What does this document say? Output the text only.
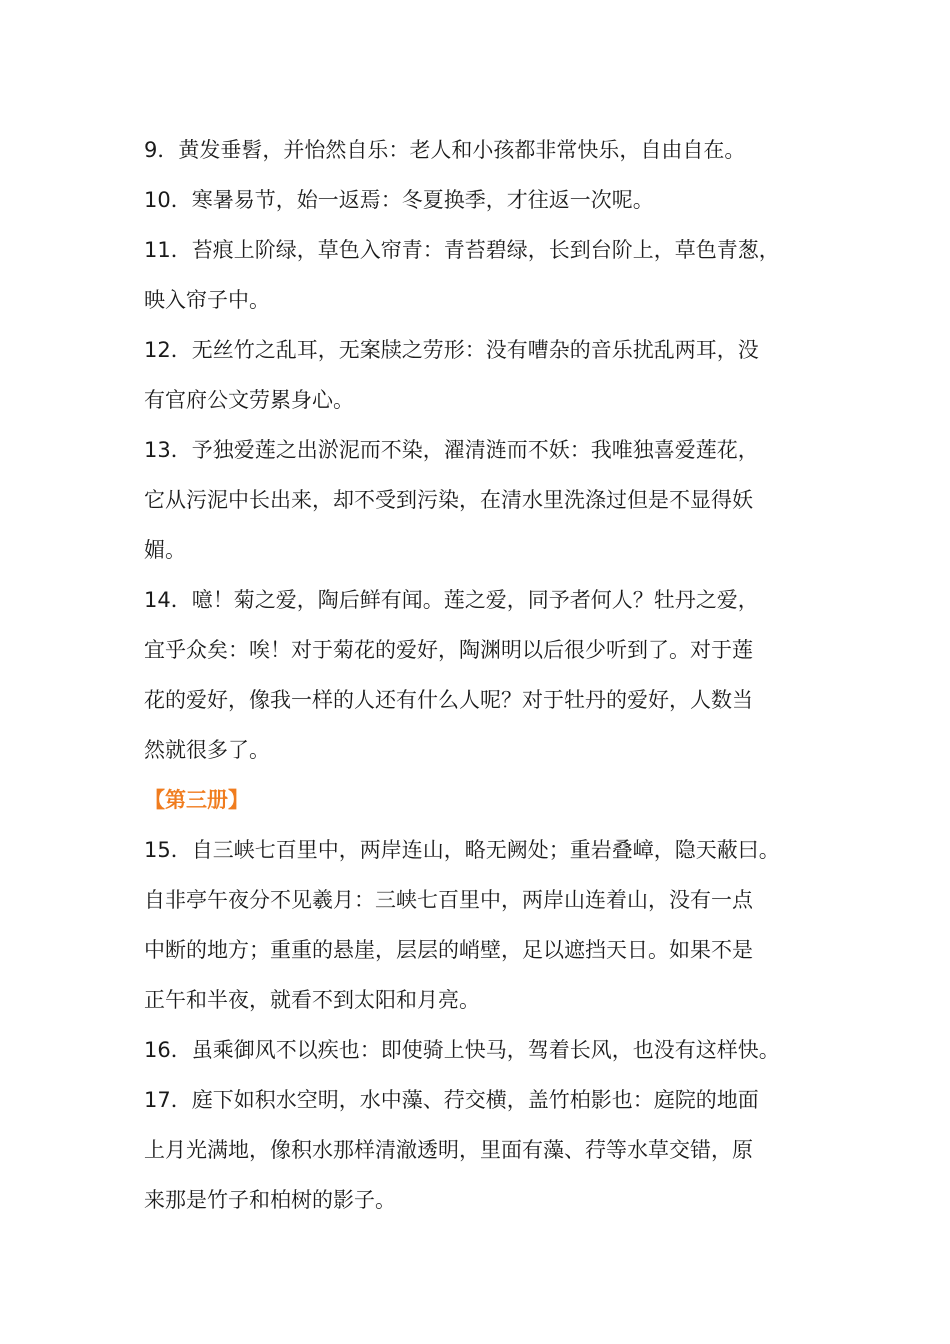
9．黄发垂髫，并怡然自乐：老人和小孩都非常快乐，自由自在。
10．寒暑易节，始一返焉：冬夏换季，才往返一次呢。
11．苔痕上阶绿，草色入帘青：青苔碧绿，长到台阶上，草色青葱，
映入帘子中。
12．无丝竹之乱耳，无案牍之劳形：没有嘈杂的音乐扰乱两耳，没
有官府公文劳累身心。
13．予独爱莲之出淤泥而不染，濯清涟而不妖：我唯独喜爱莲花，
它从污泥中长出来，却不受到污染，在清水里洗涤过但是不显得妖
媚。
14．噫！菊之爱，陶后鲜有闻。莲之爱，同予者何人？牡丹之爱，
宜乎众矣：唉！对于菊花的爱好，陶渊明以后很少听到了。对于莲
花的爱好，像我一样的人还有什么人呢？对于牡丹的爱好，人数当
然就很多了。
【第三册】
15．自三峡七百里中，两岸连山，略无阙处；重岩叠嶂，隐天蔽曰。
自非亭午夜分不见羲月：三峡七百里中，两岸山连着山，没有一点
中断的地方；重重的悬崖，层层的峭壁，足以遮挡天日。如果不是
正午和半夜，就看不到太阳和月亮。
16．虽乘御风不以疾也：即使骑上快马，驾着长风，也没有这样快。
17．庭下如积水空明，水中藻、荇交横，盖竹柏影也：庭院的地面
上月光满地，像积水那样清澈透明，里面有藻、荇等水草交错，原
来那是竹子和柏树的影子。
